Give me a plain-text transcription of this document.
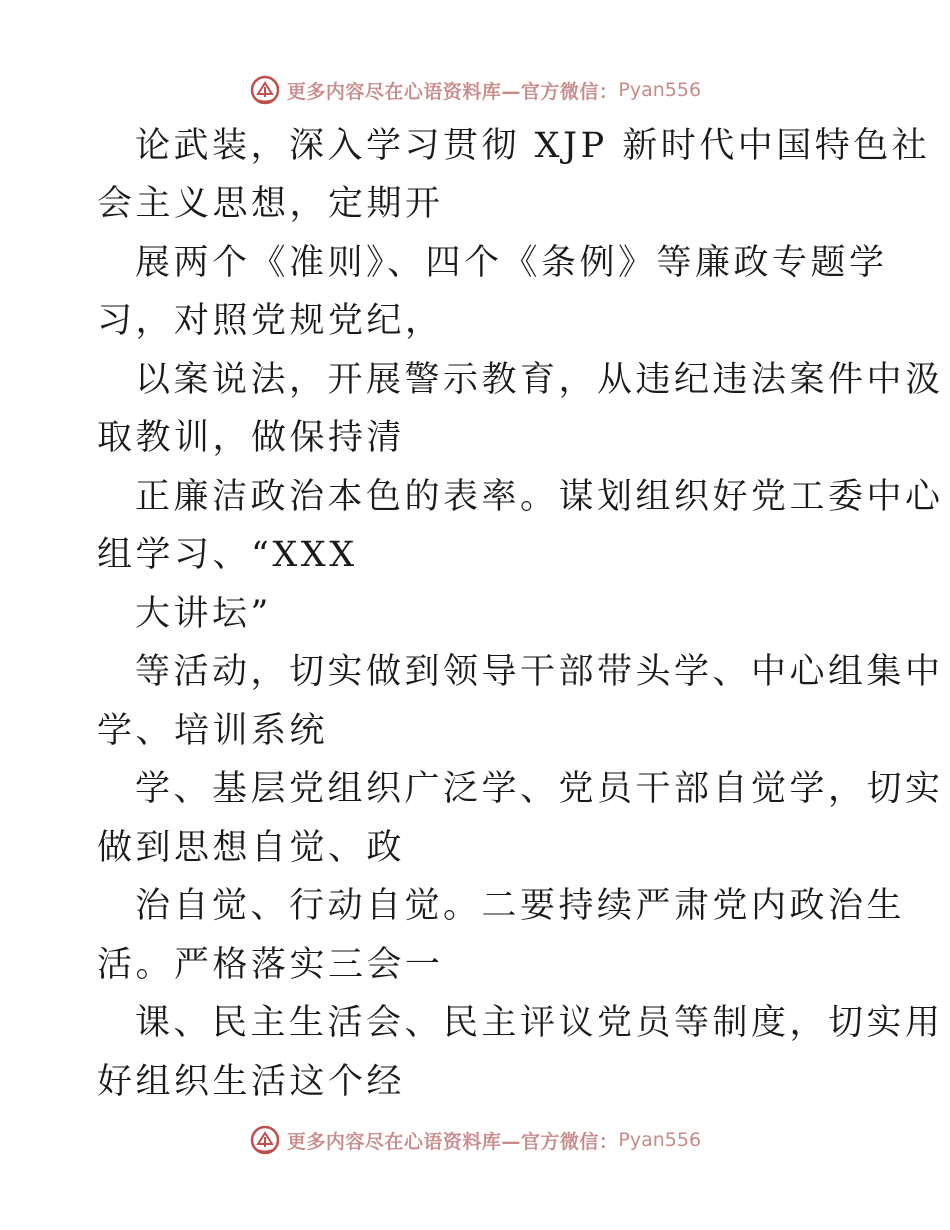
更多内容尽在心语资料库—官方微信： Pyan556
论武装，深入学习贯彻 XJP 新时代中国特色社
会主义思想，定期开
展两个《准则》、四个《条例》等廉政专题学
习，对照党规党纪，
以案说法，开展警示教育，从违纪违法案件中汲
取教训，做保持清
正廉洁政治本色的表率。谋划组织好党工委中心
组学习、“XXX
大讲坛”
等活动，切实做到领导干部带头学、中心组集中
学、培训系统
学、基层党组织广泛学、党员干部自觉学，切实
做到思想自觉、政
治自觉、行动自觉。二要持续严肃党内政治生
活。严格落实三会一
课、民主生活会、民主评议党员等制度，切实用
好组织生活这个经
更多内容尽在心语资料库—官方微信： Pyan556
